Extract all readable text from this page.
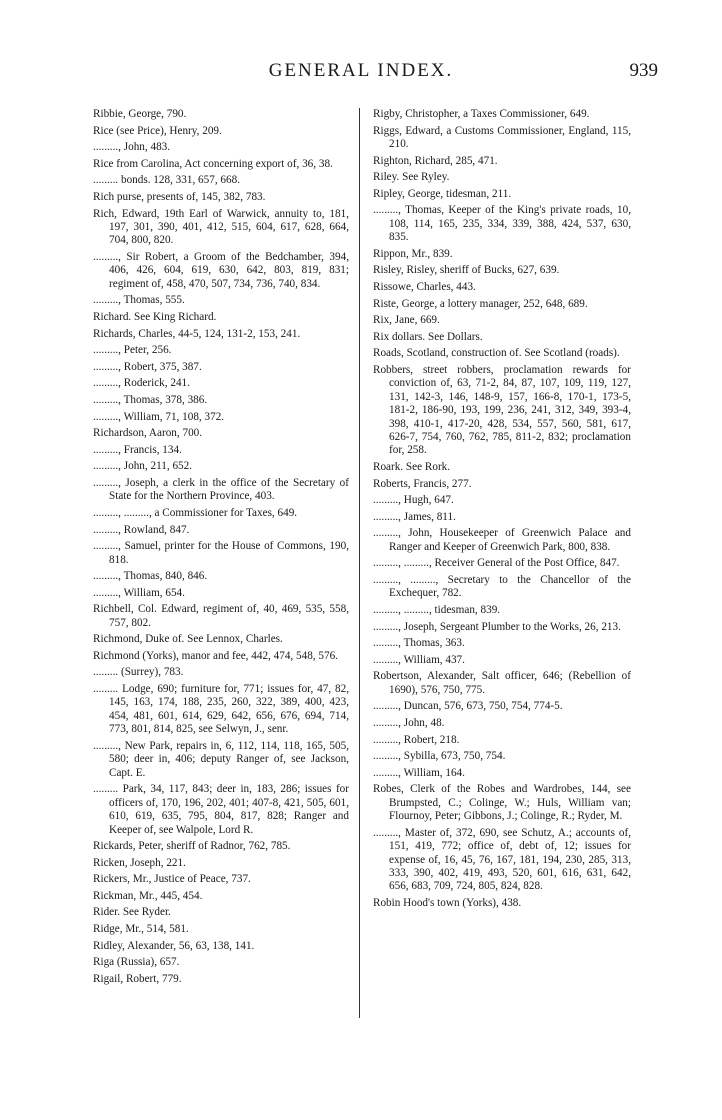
GENERAL INDEX.	939

Ribbie, George, 790.

Rice (see Price), Henry, 209.

........., John, 483.

Rice from Carolina, Act concerning export of, 36, 38.

......... bonds. 128, 331, 657, 668.

Rich purse, presents of, 145, 382, 783.

Rich, Edward, 19th Earl of Warwick, annuity to, 181, 197, 301, 390, 401, 412, 515, 604, 617, 628, 664, 704, 800, 820.

........., Sir Robert, a Groom of the Bedchamber, 394, 406, 426, 604, 619, 630, 642, 803, 819, 831; regiment of, 458, 470, 507, 734, 736, 740, 834.

........., Thomas, 555.

Richard. See King Richard.

Richards, Charles, 44-5, 124, 131-2, 153, 241.

........., Peter, 256.

........., Robert, 375, 387.

........., Roderick, 241.

........., Thomas, 378, 386.

........., William, 71, 108, 372.

Richardson, Aaron, 700.

........., Francis, 134.

........., John, 211, 652.

........., Joseph, a clerk in the office of the Secretary of State for the Northern Province, 403.

........., ........., a Commissioner for Taxes, 649.

........., Rowland, 847.

........., Samuel, printer for the House of Commons, 190, 818.

........., Thomas, 840, 846.

........., William, 654.

Richbell, Col. Edward, regiment of, 40, 469, 535, 558, 757, 802.

Richmond, Duke of. See Lennox, Charles.

Richmond (Yorks), manor and fee, 442, 474, 548, 576.

......... (Surrey), 783.

......... Lodge, 690; furniture for, 771; issues for, 47, 82, 145, 163, 174, 188, 235, 260, 322, 389, 400, 423, 454, 481, 601, 614, 629, 642, 656, 676, 694, 714, 773, 801, 814, 825, see Selwyn, J., senr.

........., New Park, repairs in, 6, 112, 114, 118, 165, 505, 580; deer in, 406; deputy Ranger of, see Jackson, Capt. E.

......... Park, 34, 117, 843; deer in, 183, 286; issues for officers of, 170, 196, 202, 401; 407-8, 421, 505, 601, 610, 619, 635, 795, 804, 817, 828; Ranger and Keeper of, see Walpole, Lord R.

Rickards, Peter, sheriff of Radnor, 762, 785.

Ricken, Joseph, 221.

Rickers, Mr., Justice of Peace, 737.

Rickman, Mr., 445, 454.

Rider. See Ryder.

Ridge, Mr., 514, 581.

Ridley, Alexander, 56, 63, 138, 141.

Riga (Russia), 657.

Rigail, Robert, 779.

Rigby, Christopher, a Taxes Commissioner, 649.

Riggs, Edward, a Customs Commissioner, England, 115, 210.

Righton, Richard, 285, 471.

Riley. See Ryley.

Ripley, George, tidesman, 211.

........., Thomas, Keeper of the King's private roads, 10, 108, 114, 165, 235, 334, 339, 388, 424, 537, 630, 835.

Rippon, Mr., 839.

Risley, Risley, sheriff of Bucks, 627, 639.

Rissowe, Charles, 443.

Riste, George, a lottery manager, 252, 648, 689.

Rix, Jane, 669.

Rix dollars. See Dollars.

Roads, Scotland, construction of. See Scotland (roads).

Robbers, street robbers, proclamation rewards for conviction of, 63, 71-2, 84, 87, 107, 109, 119, 127, 131, 142-3, 146, 148-9, 157, 166-8, 170-1, 173-5, 181-2, 186-90, 193, 199, 236, 241, 312, 349, 393-4, 398, 410-1, 417-20, 428, 534, 557, 560, 581, 617, 626-7, 754, 760, 762, 785, 811-2, 832; proclamation for, 258.

Roark. See Rork.

Roberts, Francis, 277.

........., Hugh, 647.

........., James, 811.

........., John, Housekeeper of Greenwich Palace and Ranger and Keeper of Greenwich Park, 800, 838.

........., ........., Receiver General of the Post Office, 847.

........., ........., Secretary to the Chancellor of the Exchequer, 782.

........., ........., tidesman, 839.

........., Joseph, Sergeant Plumber to the Works, 26, 213.

........., Thomas, 363.

........., William, 437.

Robertson, Alexander, Salt officer, 646; (Rebellion of 1690), 576, 750, 775.

........., Duncan, 576, 673, 750, 754, 774-5.

........., John, 48.

........., Robert, 218.

........., Sybilla, 673, 750, 754.

........., William, 164.

Robes, Clerk of the Robes and Wardrobes, 144, see Brumpsted, C.; Colinge, W.; Huls, William van; Flournoy, Peter; Gibbons, J.; Colinge, R.; Ryder, M.

........., Master of, 372, 690, see Schutz, A.; accounts of, 151, 419, 772; office of, debt of, 12; issues for expense of, 16, 45, 76, 167, 181, 194, 230, 285, 313, 333, 390, 402, 419, 493, 520, 601, 616, 631, 642, 656, 683, 709, 724, 805, 824, 828.

Robin Hood's town (Yorks), 438.
